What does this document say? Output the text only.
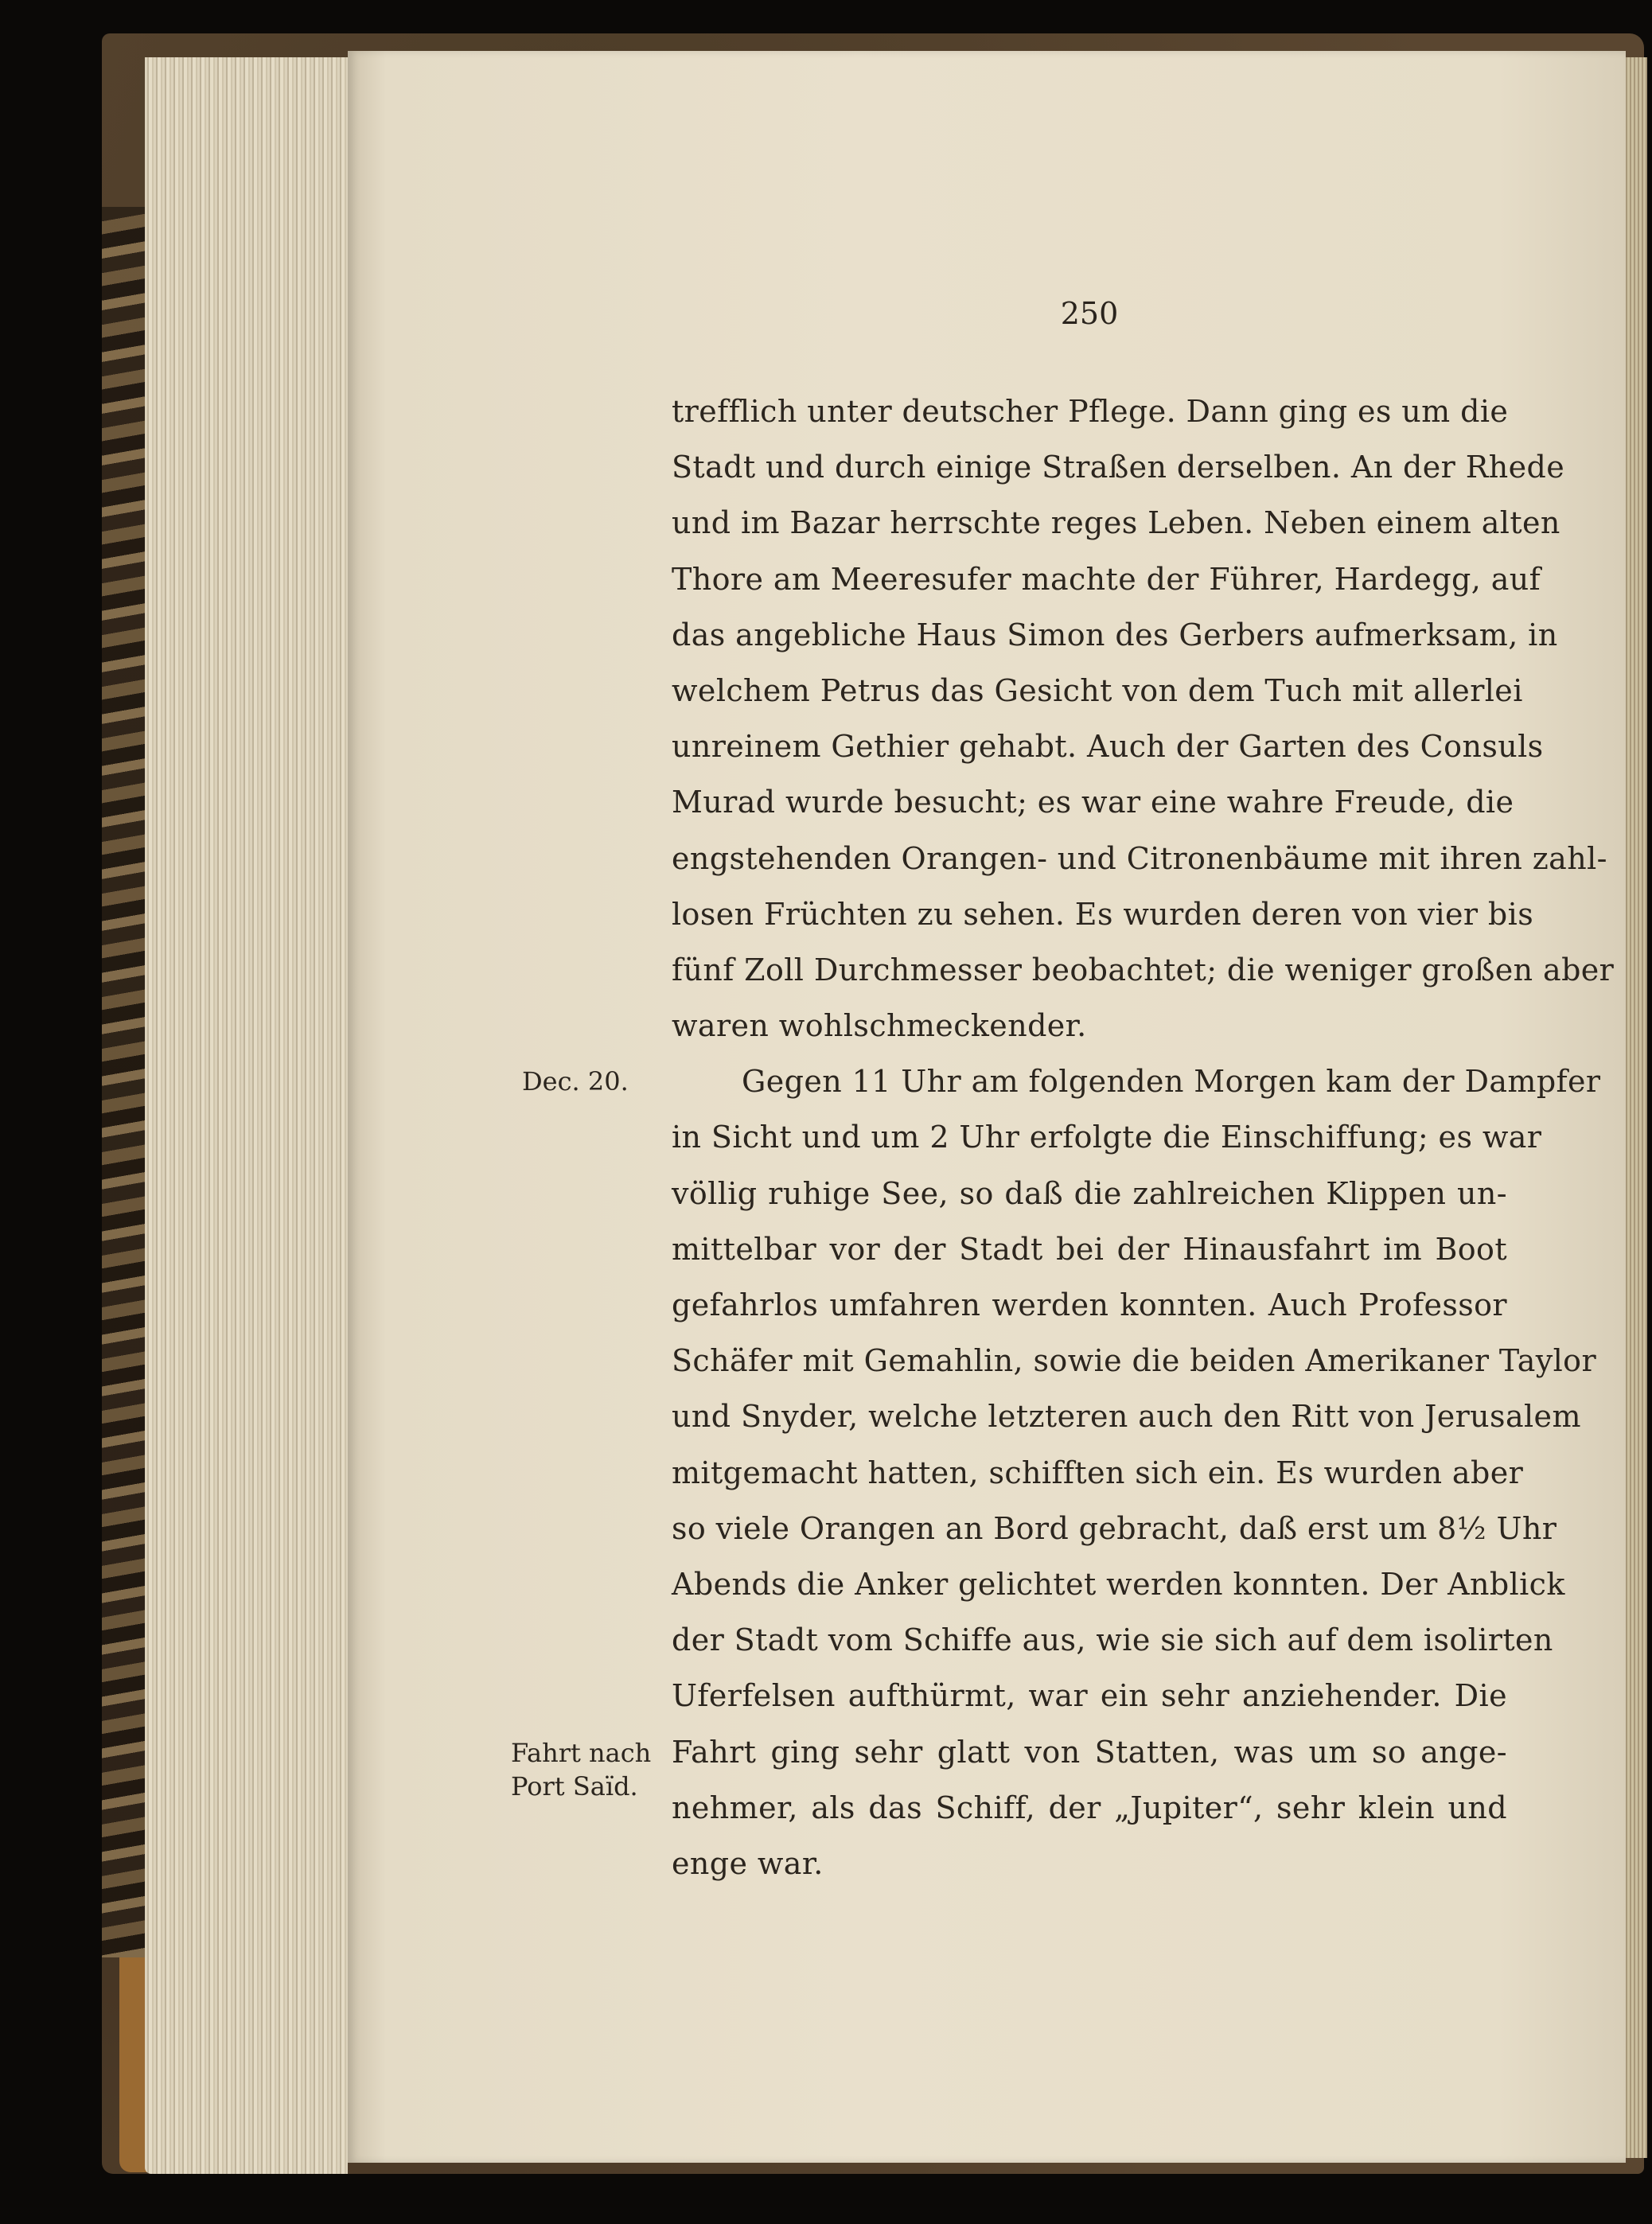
250
Dec. 20.
Fahrt nach
Port Saïd.
trefflich unter deutscher Pflege. Dann ging es um die
Stadt und durch einige Straßen derselben. An der Rhede
und im Bazar herrschte reges Leben. Neben einem alten
Thore am Meeresufer machte der Führer, Hardegg, auf
das angebliche Haus Simon des Gerbers aufmerksam, in
welchem Petrus das Gesicht von dem Tuch mit allerlei
unreinem Gethier gehabt. Auch der Garten des Consuls
Murad wurde besucht; es war eine wahre Freude, die
engstehenden Orangen- und Citronenbäume mit ihren zahl-
losen Früchten zu sehen. Es wurden deren von vier bis
fünf Zoll Durchmesser beobachtet; die weniger großen aber
waren wohlschmeckender.
Gegen 11 Uhr am folgenden Morgen kam der Dampfer
in Sicht und um 2 Uhr erfolgte die Einschiffung; es war
völlig ruhige See, so daß die zahlreichen Klippen un-
mittelbar vor der Stadt bei der Hinausfahrt im Boot
gefahrlos umfahren werden konnten. Auch Professor
Schäfer mit Gemahlin, sowie die beiden Amerikaner Taylor
und Snyder, welche letzteren auch den Ritt von Jerusalem
mitgemacht hatten, schifften sich ein. Es wurden aber
so viele Orangen an Bord gebracht, daß erst um 8½ Uhr
Abends die Anker gelichtet werden konnten. Der Anblick
der Stadt vom Schiffe aus, wie sie sich auf dem isolirten
Uferfelsen aufthürmt, war ein sehr anziehender. Die
Fahrt ging sehr glatt von Statten, was um so ange-
nehmer, als das Schiff, der „Jupiter“, sehr klein und
enge war.
